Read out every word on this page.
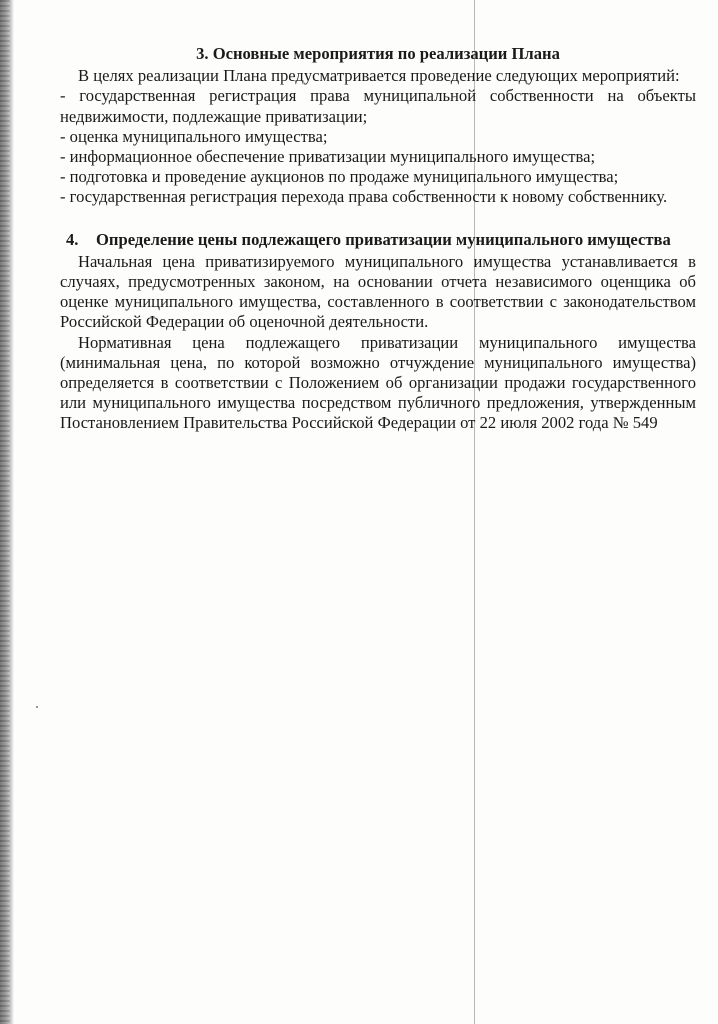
3. Основные мероприятия по реализации Плана

В целях реализации Плана предусматривается проведение следующих мероприятий:

- государственная регистрация права муниципальной собственности на объекты недвижимости, подлежащие приватизации;

- оценка муниципального имущества;

- информационное обеспечение приватизации муниципального имущества;

- подготовка и проведение аукционов по продаже муниципального имущества;

- государственная регистрация перехода права собственности к новому собственнику.

4.	Определение цены подлежащего приватизации муниципального имущества

Начальная цена приватизируемого муниципального имущества устанавливается в случаях, предусмотренных законом, на основании отчета независимого оценщика об оценке муниципального имущества, составленного в соответствии с законодательством Российской Федерации об оценочной деятельности.

Нормативная цена подлежащего приватизации муниципального имущества (минимальная цена, по которой возможно отчуждение муниципального имущества) определяется в соответствии с Положением об организации продажи государственного или муниципального имущества посредством публичного предложения, утвержденным Постановлением Правительства Российской Федерации от 22 июля 2002 года № 549
